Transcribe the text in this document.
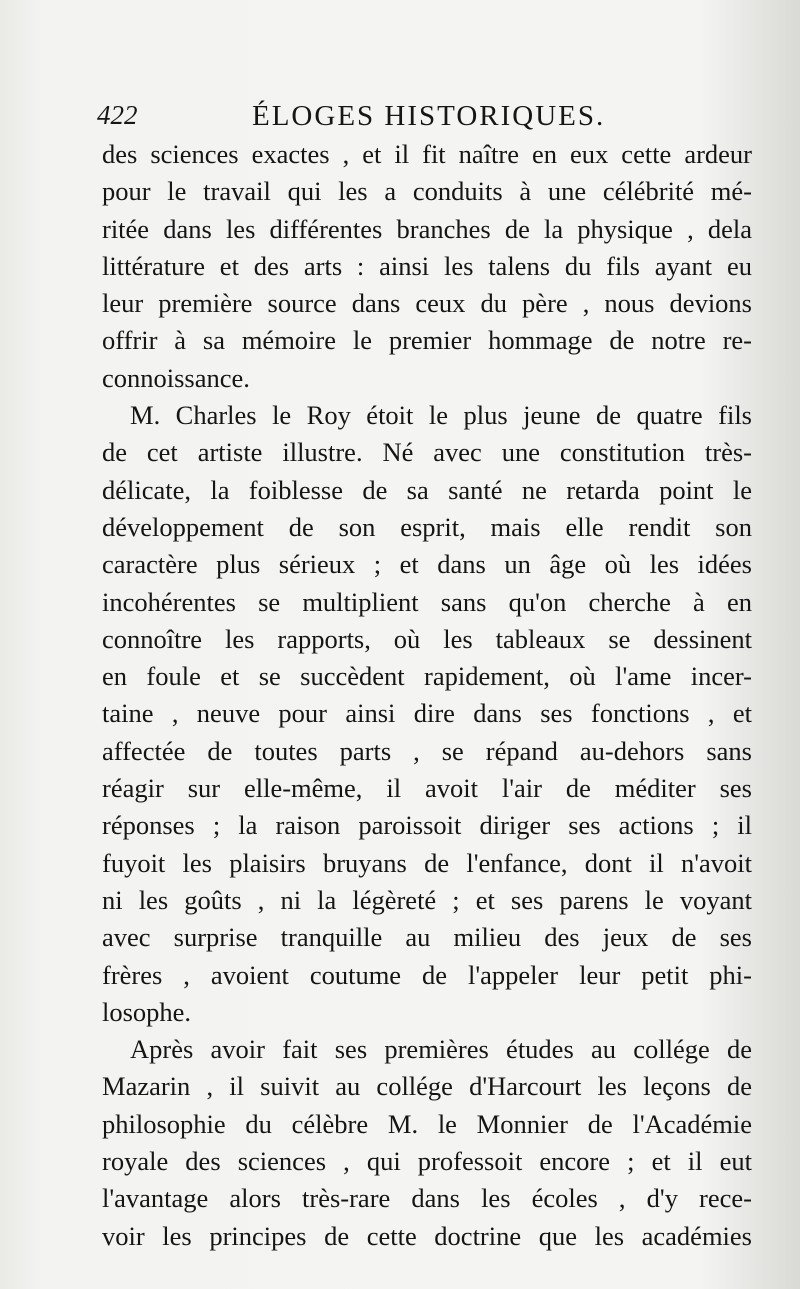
422	ÉLOGES HISTORIQUES.
des sciences exactes , et il fit naître en eux cette ardeur
pour le travail qui les a conduits à une célébrité mé-
ritée dans les différentes branches de la physique , dela
littérature et des arts : ainsi les talens du fils ayant eu
leur première source dans ceux du père , nous devions
offrir à sa mémoire le premier hommage de notre re-
connoissance.
M. Charles le Roy étoit le plus jeune de quatre fils
de cet artiste illustre. Né avec une constitution très-
délicate, la foiblesse de sa santé ne retarda point le
développement de son esprit, mais elle rendit son
caractère plus sérieux ; et dans un âge où les idées
incohérentes se multiplient sans qu'on cherche à en
connoître les rapports, où les tableaux se dessinent
en foule et se succèdent rapidement, où l'ame incer-
taine , neuve pour ainsi dire dans ses fonctions , et
affectée de toutes parts , se répand au-dehors sans
réagir sur elle-même, il avoit l'air de méditer ses
réponses ; la raison paroissoit diriger ses actions ; il
fuyoit les plaisirs bruyans de l'enfance, dont il n'avoit
ni les goûts , ni la légèreté ; et ses parens le voyant
avec surprise tranquille au milieu des jeux de ses
frères , avoient coutume de l'appeler leur petit phi-
losophe.
Après avoir fait ses premières études au collége de
Mazarin , il suivit au collége d'Harcourt les leçons de
philosophie du célèbre M. le Monnier de l'Académie
royale des sciences , qui professoit encore ; et il eut
l'avantage alors très-rare dans les écoles , d'y rece-
voir les principes de cette doctrine que les académies
